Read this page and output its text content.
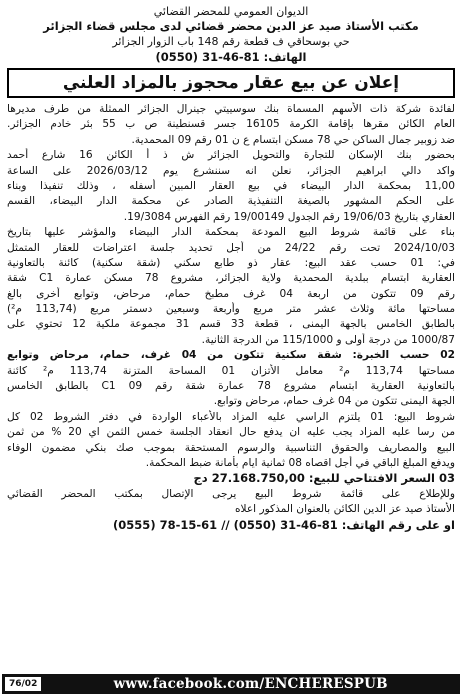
الديوان العمومي للمحضر القضائي
مكتب الأستاذ صيد عز الدين محضر قضائي لدى مجلس قضاء الجزائر
حي بوسحاقي ف قطعة رقم 148 باب الزوار الجزائر
الهاتف: 81-46-31 (0550)
إعلان عن بيع عقار محجوز بالمزاد العلني
لفائدة شركة ذات الأسهم المسماة بنك سوسييتي جينرال الجزائر الممثلة من طرف مديرها
العام الكائن مقرها بإقامة الكرمة 16105 جسر قسنطينة ص ب 55 بئر خادم الجزائر.
ضد زوبير جمال الساكن حي 78 مسكن ابتسام ع ن 01 رقم 09 المحمدية.
بحضور بنك الإسكان للتجارة والتحويل الجزائر ش ذ أ الكائن 16 شارع أحمد
واكد دالي ابراهيم الجزائر، نعلن انه سننشرع يوم 2026/03/12 على الساعة
11,00 بمحكمة الدار البيضاء في بيع العقار المبين أسفله ، وذلك تنفيذا وبناء
على الحكم المشهور بالصيغة التنفيذية الصادر عن محكمة الدار البيضاء، القسم
العقاري بتاريخ 19/06/03 رقم الجدول 19/00149 رقم الفهرس 19/3084.
بناء على قائمة شروط البيع المودعة بمحكمة الدار البيضاء والمؤشر عليها بتاريخ
2024/10/03 تحت رقم 24/22 من أجل تحديد جلسة اعتراضات للعقار المتمثل
في: 01 حسب عقد البيع: عقار ذو طابع سكني (شقة سكنية) كائنة بالتعاونية
العقارية ابتسام ببلدية المحمدية ولاية الجزائر، مشروع 78 مسكن عمارة C1 شقة
رقم 09 تتكون من اربعة 04 غرف مطبخ حمام، مرحاض، وتوابع أخرى بالغ
مساحتها مائة وثلاث عشر متر مربع وأربعة وسبعين دسمتر مربع (113,74 م²)
بالطابق الخامس بالجهة اليمنى ، قطعة 33 قسم 31 مجموعة ملكية 12 تحتوي على
1000/87 من درجة أولى و 115/1000 من الدرجة الثانية.
02 حسب الخبرة: شقة سكنية تتكون من 04 غرف، حمام، مرحاض وتوابع
مساحتها 113,74 م² معامل الأتزان 01 المساحة المتزنة 113,74 م² كائنة
بالتعاونية العقارية ابتسام مشروع 78 عمارة شقة رقم 09 C1 بالطابق الخامس
الجهة اليمنى تتكون من 04 غرف حمام، مرحاض وتوابع.
شروط البيع: 01 يلتزم الراسي عليه المزاد بالأعباء الواردة في دفتر الشروط 02 كل
من رسا عليه المزاد يجب عليه ان يدفع حال انعقاد الجلسة خمس الثمن اي 20 % من ثمن
البيع والمصاريف والحقوق التناسبية والرسوم المستحقة بموجب صك بنكي مضمون الوفاء
ويدفع المبلغ الباقي في أجل اقصاه 08 ثمانية ايام بأمانة ضبط المحكمة.
03 السعر الافتتاحي للبيع: 27.168.750,00 دج
وللإطلاع على قائمة شروط البيع يرجى الإتصال بمكتب المحضر القضائي
الأستاذ صيد عز الدين الكائن بالعنوان المذكور اعلاه
او على رقم الهاتف: 81-46-31 (0550) // 61-15-78 (0555)
76/02	www.facebook.com/ENCHERESPUB
